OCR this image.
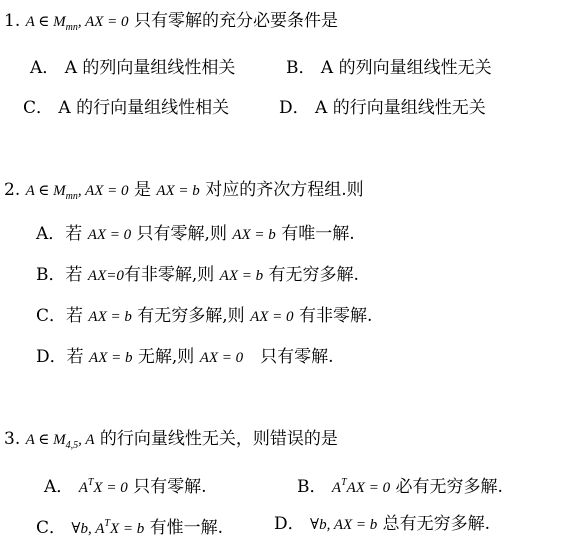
1. A ∈ $M_{mn}$, AX = 0 只有零解的充分必要条件是
A． A 的列向量组线性相关	B． A 的列向量组线性无关
C． A 的行向量组线性相关	D． A 的行向量组线性无关
2. A ∈ $M_{mn}$, AX = 0 是 AX = b 对应的齐次方程组.则
A．若 AX = 0 只有零解,则 AX = b 有唯一解.
B．若 AX=0有非零解,则 AX = b 有无穷多解.
C．若 AX = b 有无穷多解,则 AX = 0 有非零解.
D．若 AX = b 无解,则 AX = 0　只有零解.
3. A ∈ $M_{4,5}$, A 的行向量线性无关，则错误的是
A． $A^TX = 0$ 只有零解.	B． $A^TAX = 0$ 必有无穷多解.
C． ∀b, $A^TX = b$ 有惟一解.	D． ∀b, AX = b 总有无穷多解.
